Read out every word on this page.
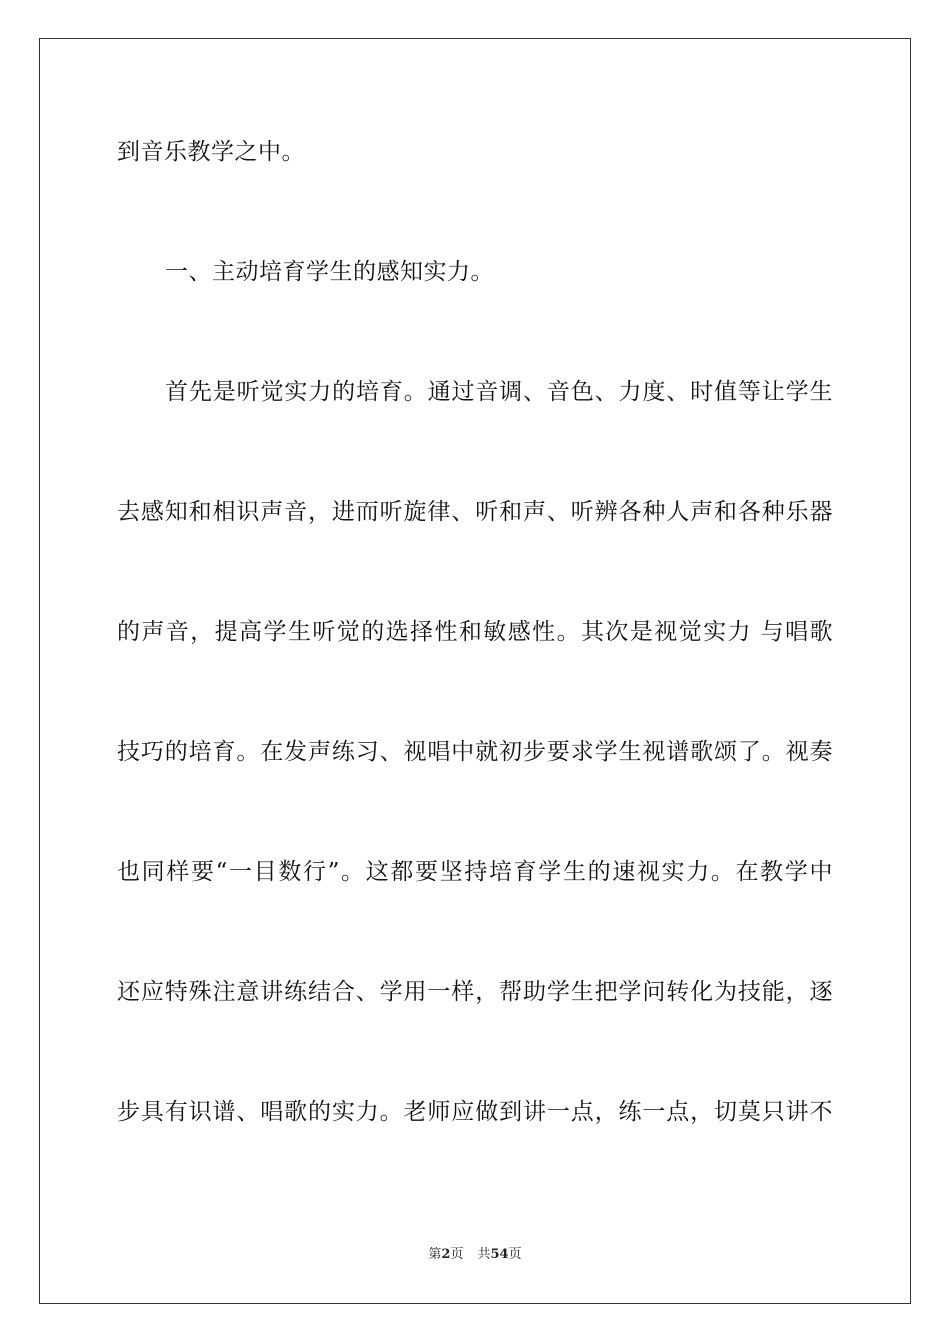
到音乐教学之中。
一、主动培育学生的感知实力。
首先是听觉实力的培育。通过音调、音色、力度、时值等让学生
去感知和相识声音，进而听旋律、听和声、听辨各种人声和各种乐器
的声音，提高学生听觉的选择性和敏感性。其次是视觉实力 与唱歌
技巧的培育。在发声练习、视唱中就初步要求学生视谱歌颂了。视奏
也同样要“一目数行”。这都要坚持培育学生的速视实力。在教学中
还应特殊注意讲练结合、学用一样，帮助学生把学问转化为技能，逐
步具有识谱、唱歌的实力。老师应做到讲一点，练一点，切莫只讲不
第2页 共54页
